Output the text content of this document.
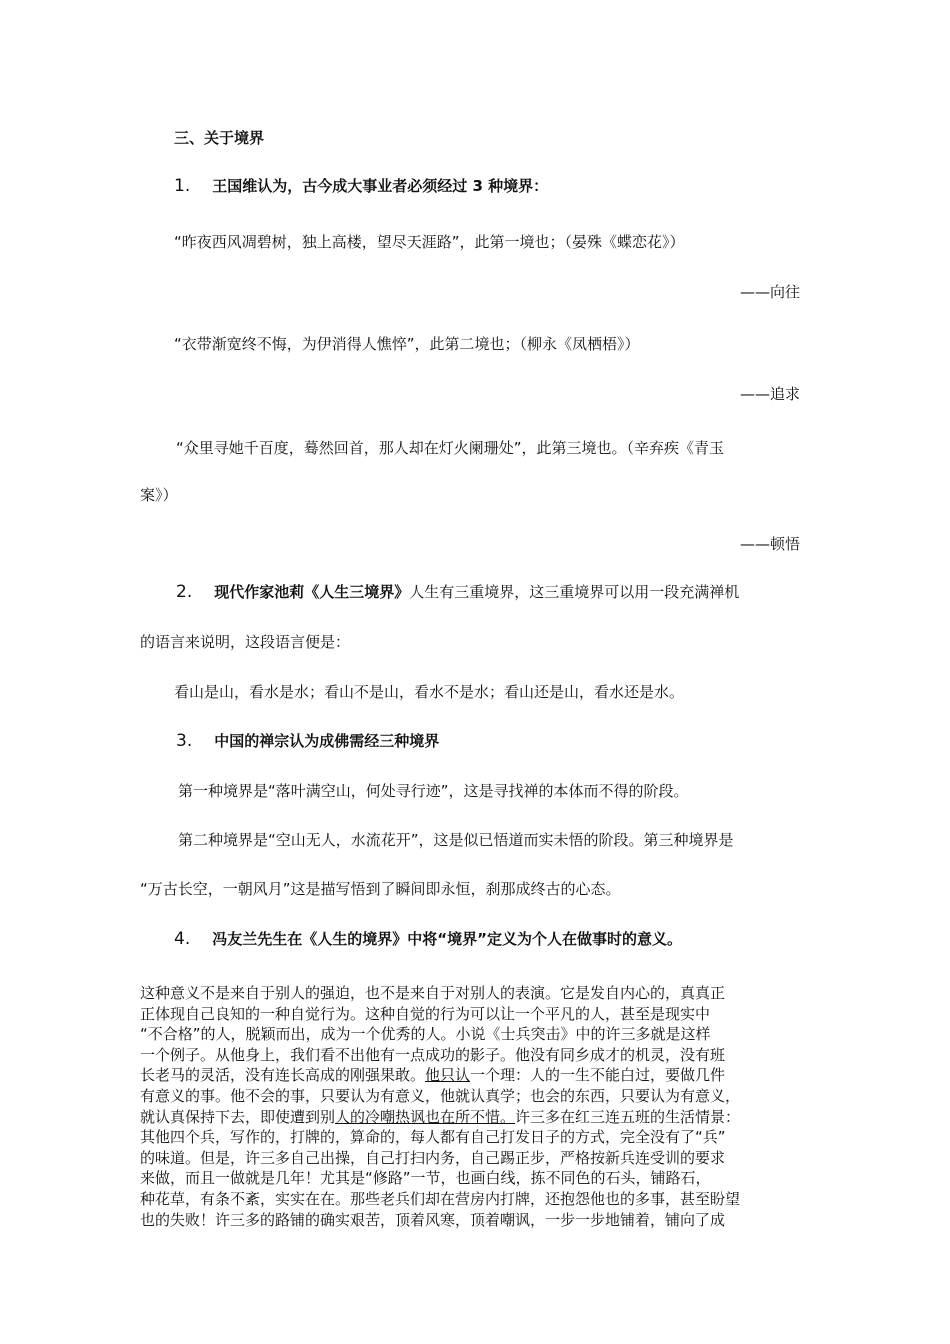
三、关于境界
1. 王国维认为，古今成大事业者必须经过 3 种境界：
“昨夜西风凋碧树，独上高楼，望尽天涯路”，此第一境也；（晏殊《蝶恋花》）
——向往
“衣带渐宽终不悔，为伊消得人憔悴”，此第二境也；（柳永《凤栖梧》）
——追求
“众里寻她千百度，蓦然回首，那人却在灯火阑珊处”，此第三境也。（辛弃疾《青玉
案》）
——顿悟
2. 现代作家池莉《人生三境界》人生有三重境界，这三重境界可以用一段充满禅机
的语言来说明，这段语言便是：
看山是山，看水是水；看山不是山，看水不是水；看山还是山，看水还是水。
3. 中国的禅宗认为成佛需经三种境界
第一种境界是“落叶满空山，何处寻行迹”，这是寻找禅的本体而不得的阶段。
第二种境界是“空山无人，水流花开”，这是似已悟道而实未悟的阶段。第三种境界是
“万古长空，一朝风月”这是描写悟到了瞬间即永恒，刹那成终古的心态。
4. 冯友兰先生在《人生的境界》中将“境界”定义为个人在做事时的意义。
这种意义不是来自于别人的强迫，也不是来自于对别人的表演。它是发自内心的，真真正
正体现自己良知的一种自觉行为。这种自觉的行为可以让一个平凡的人，甚至是现实中
“不合格”的人，脱颖而出，成为一个优秀的人。小说《士兵突击》中的许三多就是这样
一个例子。从他身上，我们看不出他有一点成功的影子。他没有同乡成才的机灵，没有班
长老马的灵活，没有连长高成的刚强果敢。他只认一个理：人的一生不能白过，要做几件
有意义的事。他不会的事，只要认为有意义，他就认真学；也会的东西，只要认为有意义，
就认真保持下去，即使遭到别人的冷嘲热讽也在所不惜。许三多在红三连五班的生活情景：
其他四个兵，写作的，打牌的，算命的，每人都有自己打发日子的方式，完全没有了“兵”
的味道。但是，许三多自己出操，自己打扫内务，自己踢正步，严格按新兵连受训的要求
来做，而且一做就是几年！尤其是“修路”一节，也画白线，拣不同色的石头，铺路石，
种花草，有条不紊，实实在在。那些老兵们却在营房内打牌，还抱怨他也的多事，甚至盼望
也的失败！许三多的路铺的确实艰苦，顶着风寒，顶着嘲讽，一步一步地铺着，铺向了成
